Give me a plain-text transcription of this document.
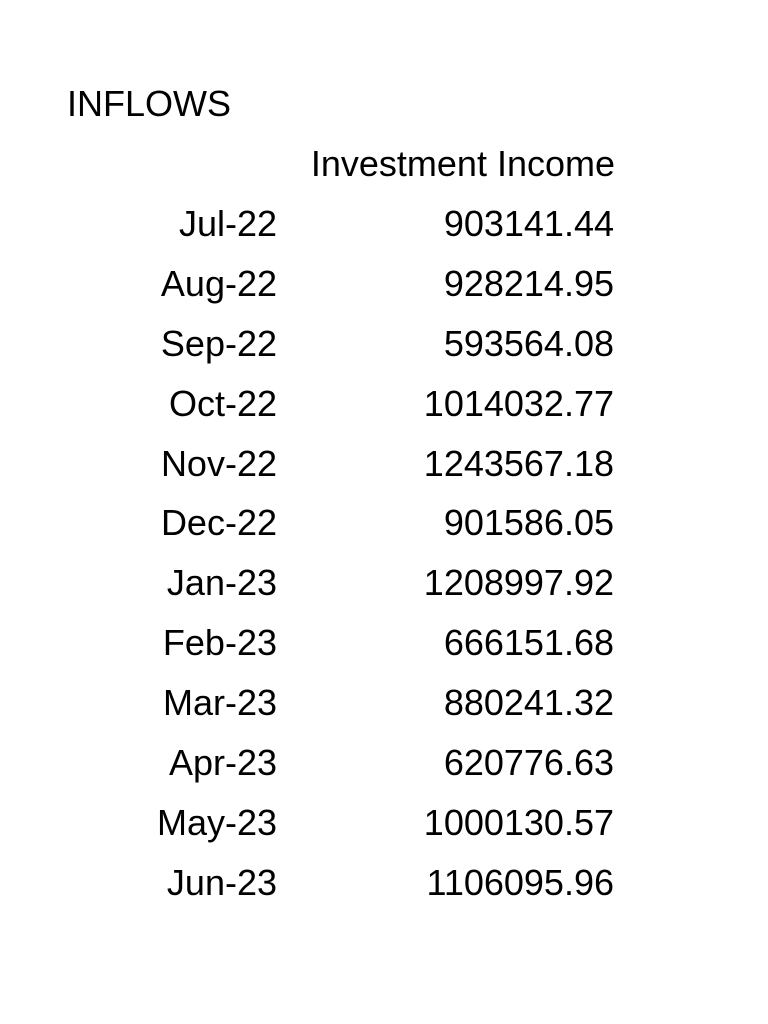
INFLOWS
Investment Income
Jul-22	903141.44
Aug-22	928214.95
Sep-22	593564.08
Oct-22	1014032.77
Nov-22	1243567.18
Dec-22	901586.05
Jan-23	1208997.92
Feb-23	666151.68
Mar-23	880241.32
Apr-23	620776.63
May-23	1000130.57
Jun-23	1106095.96
